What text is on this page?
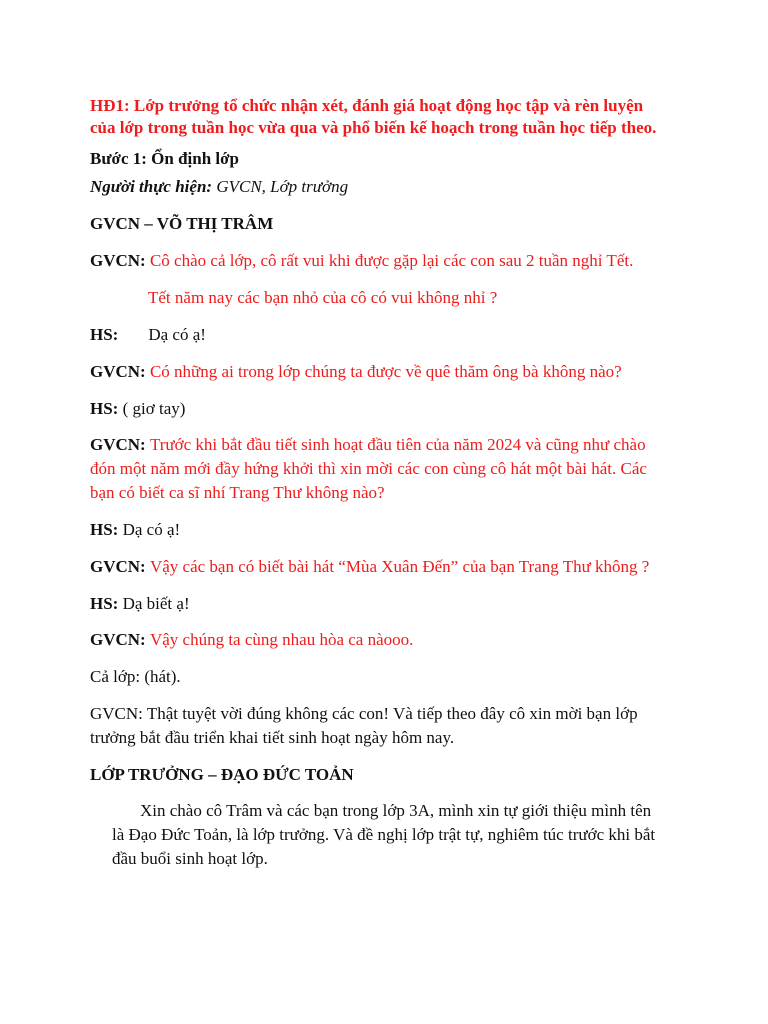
HĐ1: Lớp trưởng tổ chức nhận xét, đánh giá hoạt động học tập và rèn luyện
của lớp trong tuần học vừa qua và phổ biến kế hoạch trong tuần học tiếp theo.
Bước 1: Ổn định lớp
Người thực hiện: GVCN, Lớp trưởng
GVCN – VÕ THỊ TRÂM
GVCN: Cô chào cả lớp, cô rất vui khi được gặp lại các con sau 2 tuần nghỉ Tết.
Tết năm nay các bạn nhỏ của cô có vui không nhỉ ?
HS: Dạ có ạ!
GVCN: Có những ai trong lớp chúng ta được về quê thăm ông bà không nào?
HS: ( giơ tay)
GVCN: Trước khi bắt đầu tiết sinh hoạt đầu tiên của năm 2024 và cũng như chào
đón một năm mới đầy hứng khởi thì xin mời các con cùng cô hát một bài hát. Các
bạn có biết ca sĩ nhí Trang Thư không nào?
HS: Dạ có ạ!
GVCN: Vậy các bạn có biết bài hát “Mùa Xuân Đến” của bạn Trang Thư không ?
HS: Dạ biết ạ!
GVCN: Vậy chúng ta cùng nhau hòa ca nàooo.
Cả lớp: (hát).
GVCN: Thật tuyệt vời đúng không các con! Và tiếp theo đây cô xin mời bạn lớp
trưởng bắt đầu triển khai tiết sinh hoạt ngày hôm nay.
LỚP TRƯỞNG – ĐẠO ĐỨC TOẢN
Xin chào cô Trâm và các bạn trong lớp 3A, mình xin tự giới thiệu mình tên
là Đạo Đức Toản, là lớp trưởng. Và đề nghị lớp trật tự, nghiêm túc trước khi bắt
đầu buổi sinh hoạt lớp.
